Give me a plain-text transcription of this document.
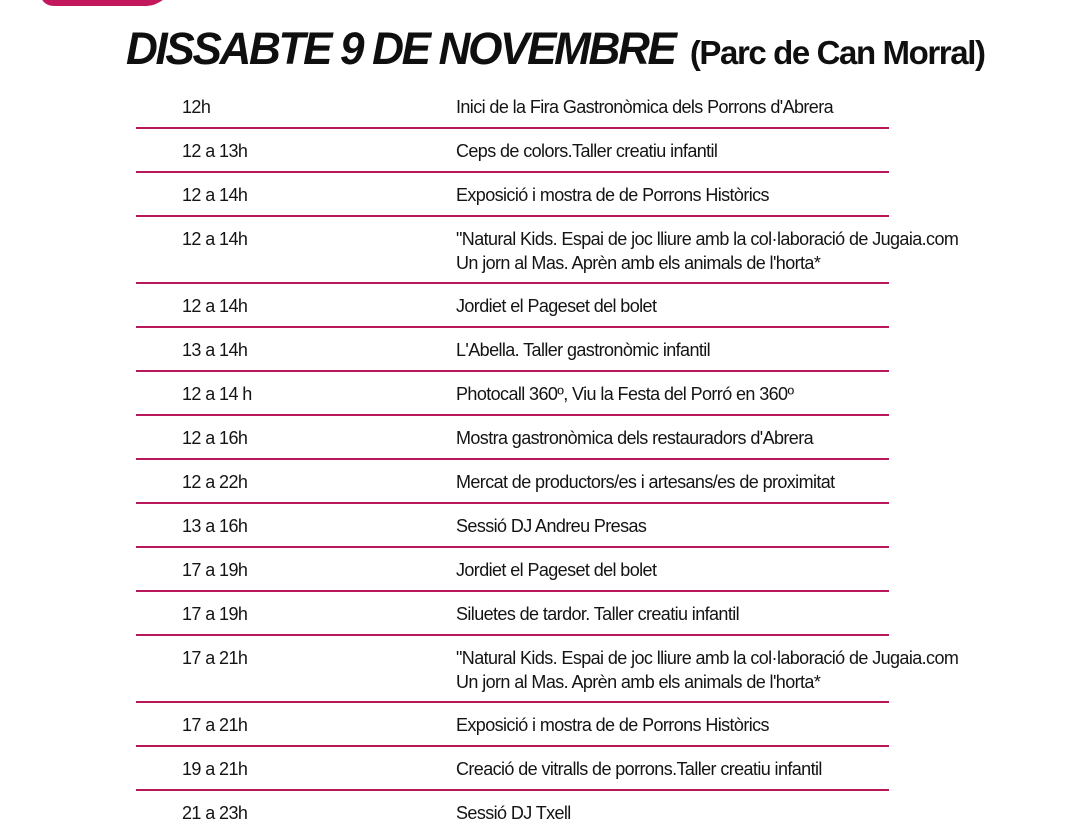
DISSABTE 9 DE NOVEMBRE (Parc de Can Morral)
12h	Inici de la Fira Gastronòmica dels Porrons d'Abrera
12 a 13h	Ceps de colors.Taller creatiu infantil
12 a 14h	Exposició i mostra de de Porrons Històrics
12 a 14h	"Natural Kids. Espai de joc lliure amb la col·laboració de Jugaia.com
Un jorn al Mas. Aprèn amb els animals de l'horta*
12 a 14h	Jordiet el Pageset del bolet
13 a 14h	L'Abella. Taller gastronòmic infantil
12 a 14 h	Photocall 360º, Viu la Festa del Porró en 360º
12 a 16h	Mostra gastronòmica dels restauradors d'Abrera
12 a 22h	Mercat de productors/es i artesans/es de proximitat
13 a 16h	Sessió DJ Andreu Presas
17 a 19h	Jordiet el Pageset del bolet
17 a 19h	Siluetes de tardor. Taller creatiu infantil
17 a 21h	"Natural Kids. Espai de joc lliure amb la col·laboració de Jugaia.com
Un jorn al Mas. Aprèn amb els animals de l'horta*
17 a 21h	Exposició i mostra de de Porrons Històrics
19 a 21h	Creació de vitralls de porrons.Taller creatiu infantil
21 a 23h	Sessió DJ Txell
